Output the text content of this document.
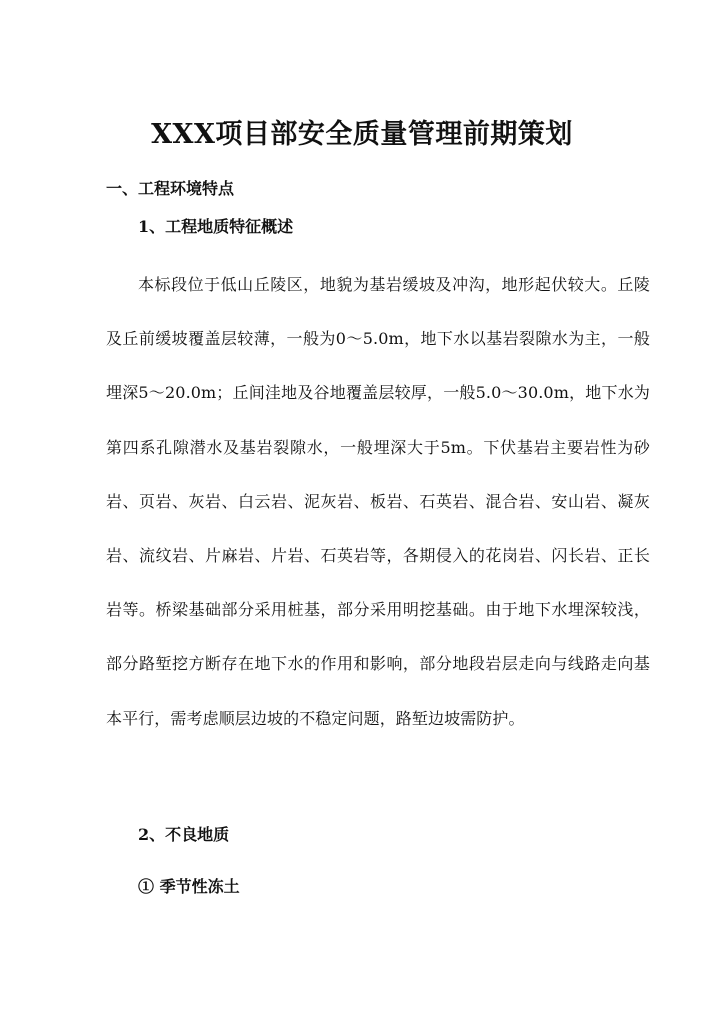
XXX项目部安全质量管理前期策划
一、工程环境特点
1、工程地质特征概述

本标段位于低山丘陵区，地貌为基岩缓坡及冲沟，地形起伏较大。丘陵及丘前缓坡覆盖层较薄，一般为0～5.0m，地下水以基岩裂隙水为主，一般埋深5～20.0m；丘间洼地及谷地覆盖层较厚，一般5.0～30.0m，地下水为第四系孔隙潜水及基岩裂隙水，一般埋深大于5m。下伏基岩主要岩性为砂岩、页岩、灰岩、白云岩、泥灰岩、板岩、石英岩、混合岩、安山岩、凝灰岩、流纹岩、片麻岩、片岩、石英岩等，各期侵入的花岗岩、闪长岩、正长岩等。桥梁基础部分采用桩基，部分采用明挖基础。由于地下水埋深较浅，部分路堑挖方断存在地下水的作用和影响，部分地段岩层走向与线路走向基本平行，需考虑顺层边坡的不稳定问题，路堑边坡需防护。

2、不良地质
① 季节性冻土
